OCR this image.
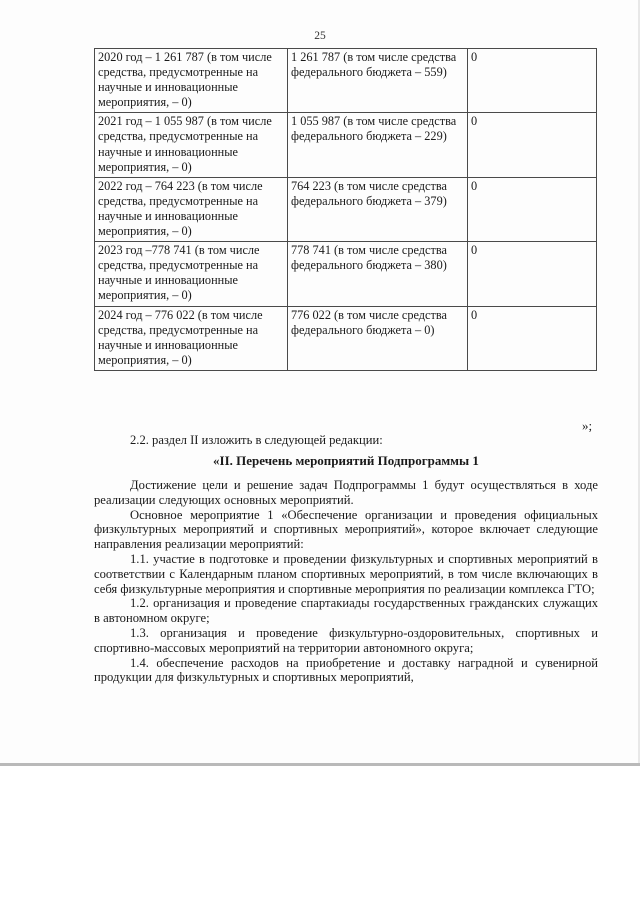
25
2020 год – 1 261 787 (в том числе средства, предусмотренные на научные и инновационные мероприятия, – 0)	1 261 787 (в том числе средства федерального бюджета – 559)	0
2021 год – 1 055 987 (в том числе средства, предусмотренные на научные и инновационные мероприятия, – 0)	1 055 987 (в том числе средства федерального бюджета – 229)	0
2022 год – 764 223 (в том числе средства, предусмотренные на научные и инновационные мероприятия, – 0)	764 223 (в том числе средства федерального бюджета – 379)	0
2023 год –778 741 (в том числе средства, предусмотренные на научные и инновационные мероприятия, – 0)	778 741 (в том числе средства федерального бюджета – 380)	0
2024 год – 776 022 (в том числе средства, предусмотренные на научные и инновационные мероприятия, – 0)	776 022 (в том числе средства федерального бюджета – 0)	0
»;
2.2. раздел II изложить в следующей редакции:
«II. Перечень мероприятий Подпрограммы 1

Достижение цели и решение задач Подпрограммы 1 будут осуществляться в ходе реализации следующих основных мероприятий.

Основное мероприятие 1 «Обеспечение организации и проведения официальных физкультурных мероприятий и спортивных мероприятий», которое включает следующие направления реализации мероприятий:

1.1. участие в подготовке и проведении физкультурных и спортивных мероприятий в соответствии с Календарным планом спортивных мероприятий, в том числе включающих в себя физкультурные мероприятия и спортивные мероприятия по реализации комплекса ГТО;

1.2. организация и проведение спартакиады государственных гражданских служащих в автономном округе;

1.3. организация и проведение физкультурно-оздоровительных, спортивных и спортивно-массовых мероприятий на территории автономного округа;

1.4. обеспечение расходов на приобретение и доставку наградной и сувенирной продукции для физкультурных и спортивных мероприятий,
